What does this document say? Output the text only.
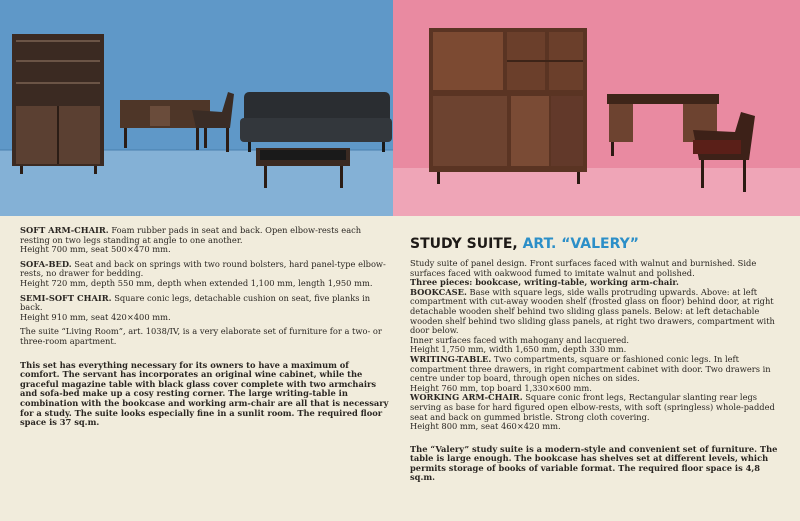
SOFT ARM-CHAIR. Foam rubber pads in seat and back. Open elbow-rests each resting on two legs standing at angle to one another.
Height 700 mm, seat 500×470 mm.

SOFA-BED. Seat and back on springs with two round bolsters, hard panel-type elbow-rests, no drawer for bedding.
Height 720 mm, depth 550 mm, depth when extended 1,100 mm, length 1,950 mm.

SEMI-SOFT CHAIR. Square conic legs, detachable cushion on seat, five planks in back.
Height 910 mm, seat 420×400 mm.

The suite “Living Room”, art. 1038/IV, is a very elaborate set of furniture for a two- or three-room apartment.

This set has everything necessary for its owners to have a maximum of comfort. The servant has incorporates an original wine cabinet, while the graceful magazine table with black glass cover complete with two armchairs and sofa-bed make up a cosy resting corner. The large writing-table in combination with the bookcase and working arm-chair are all that is necessary for a study. The suite looks especially fine in a sunlit room. The required floor space is 37 sq.m.

STUDY SUITE, ART. “VALERY”

Study suite of panel design. Front surfaces faced with walnut and burnished. Side surfaces faced with oakwood fumed to imitate walnut and polished.

Three pieces: bookcase, writing-table, working arm-chair.

BOOKCASE. Base with square legs, side walls protruding upwards. Above: at left compartment with cut-away wooden shelf (frosted glass on floor) behind door, at right detachable wooden shelf behind two sliding glass panels. Below: at left detachable wooden shelf behind two sliding glass panels, at right two drawers, compartment with door below.
Inner surfaces faced with mahogany and lacquered.
Height 1,750 mm, width 1,650 mm, depth 330 mm.

WRITING-TABLE. Two compartments, square or fashioned conic legs. In left compartment three drawers, in right compartment cabinet with door. Two drawers in centre under top board, through open niches on sides.
Height 760 mm, top board 1,330×600 mm.

WORKING ARM-CHAIR. Square conic front legs, Rectangular slanting rear legs serving as base for hard figured open elbow-rests, with soft (springless) whole-padded seat and back on gummed bristle. Strong cloth covering.
Height 800 mm, seat 460×420 mm.

The “Valery” study suite is a modern-style and convenient set of furniture. The table is large enough. The bookcase has shelves set at different levels, which permits storage of books of variable format. The required floor space is 4,8 sq.m.
